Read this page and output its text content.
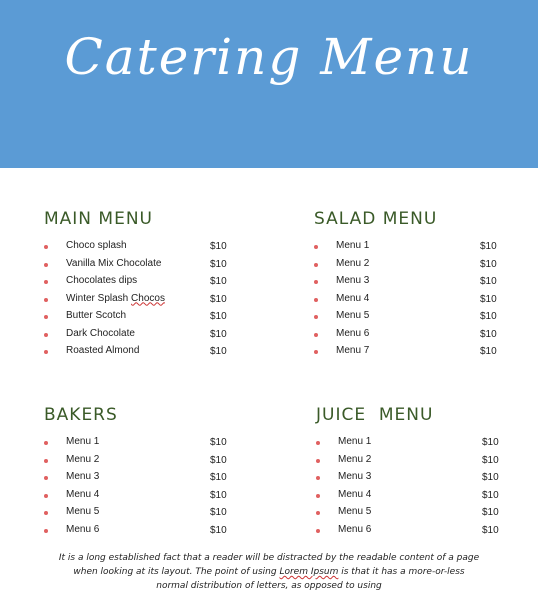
Catering Menu
MAIN MENU
Choco splash	$10
Vanilla Mix Chocolate	$10
Chocolates dips	$10
Winter Splash Chocos	$10
Butter Scotch	$10
Dark Chocolate	$10
Roasted Almond	$10
SALAD MENU
Menu 1	$10
Menu 2	$10
Menu 3	$10
Menu 4	$10
Menu 5	$10
Menu 6	$10
Menu 7	$10
BAKERS
Menu 1	$10
Menu 2	$10
Menu 3	$10
Menu 4	$10
Menu 5	$10
Menu 6	$10
JUICE  MENU
Menu 1	$10
Menu 2	$10
Menu 3	$10
Menu 4	$10
Menu 5	$10
Menu 6	$10
It is a long established fact that a reader will be distracted by the readable content of a page
when looking at its layout. The point of using Lorem Ipsum is that it has a more-or-less
normal distribution of letters, as opposed to using
